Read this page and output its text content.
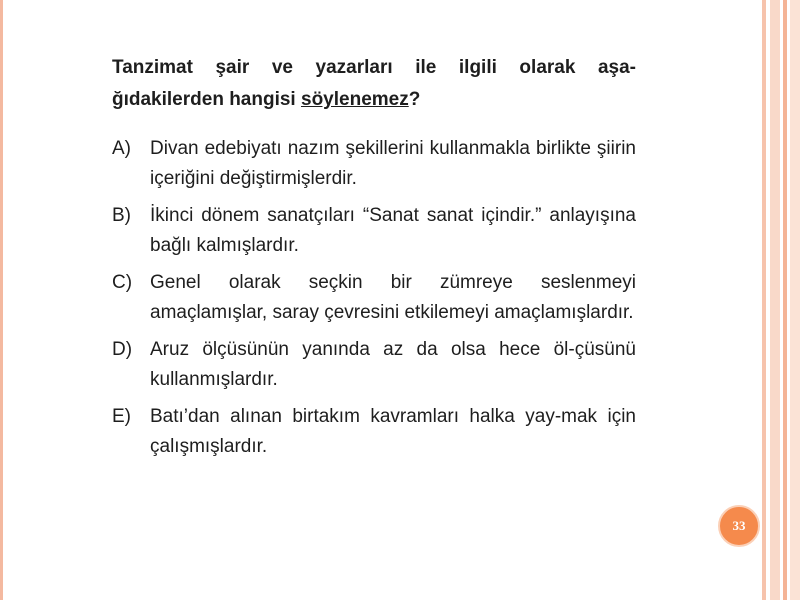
Tanzimat şair ve yazarları ile ilgili olarak aşa-
ğıdakilerden hangisi söylenemez?
A)	Divan edebiyatı nazım şekillerini kullanmakla birlikte şiirin içeriğini değiştirmişlerdir.
B)	İkinci dönem sanatçıları “Sanat sanat içindir.” anlayışına bağlı kalmışlardır.
C) Genel olarak seçkin bir zümreye seslenmeyi amaçlamışlar, saray çevresini etkilemeyi amaçlamışlardır.
D) Aruz ölçüsünün yanında az da olsa hece öl-çüsünü kullanmışlardır.
E)	Batı’dan alınan birtakım kavramları halka yay-mak için çalışmışlardır.
33
